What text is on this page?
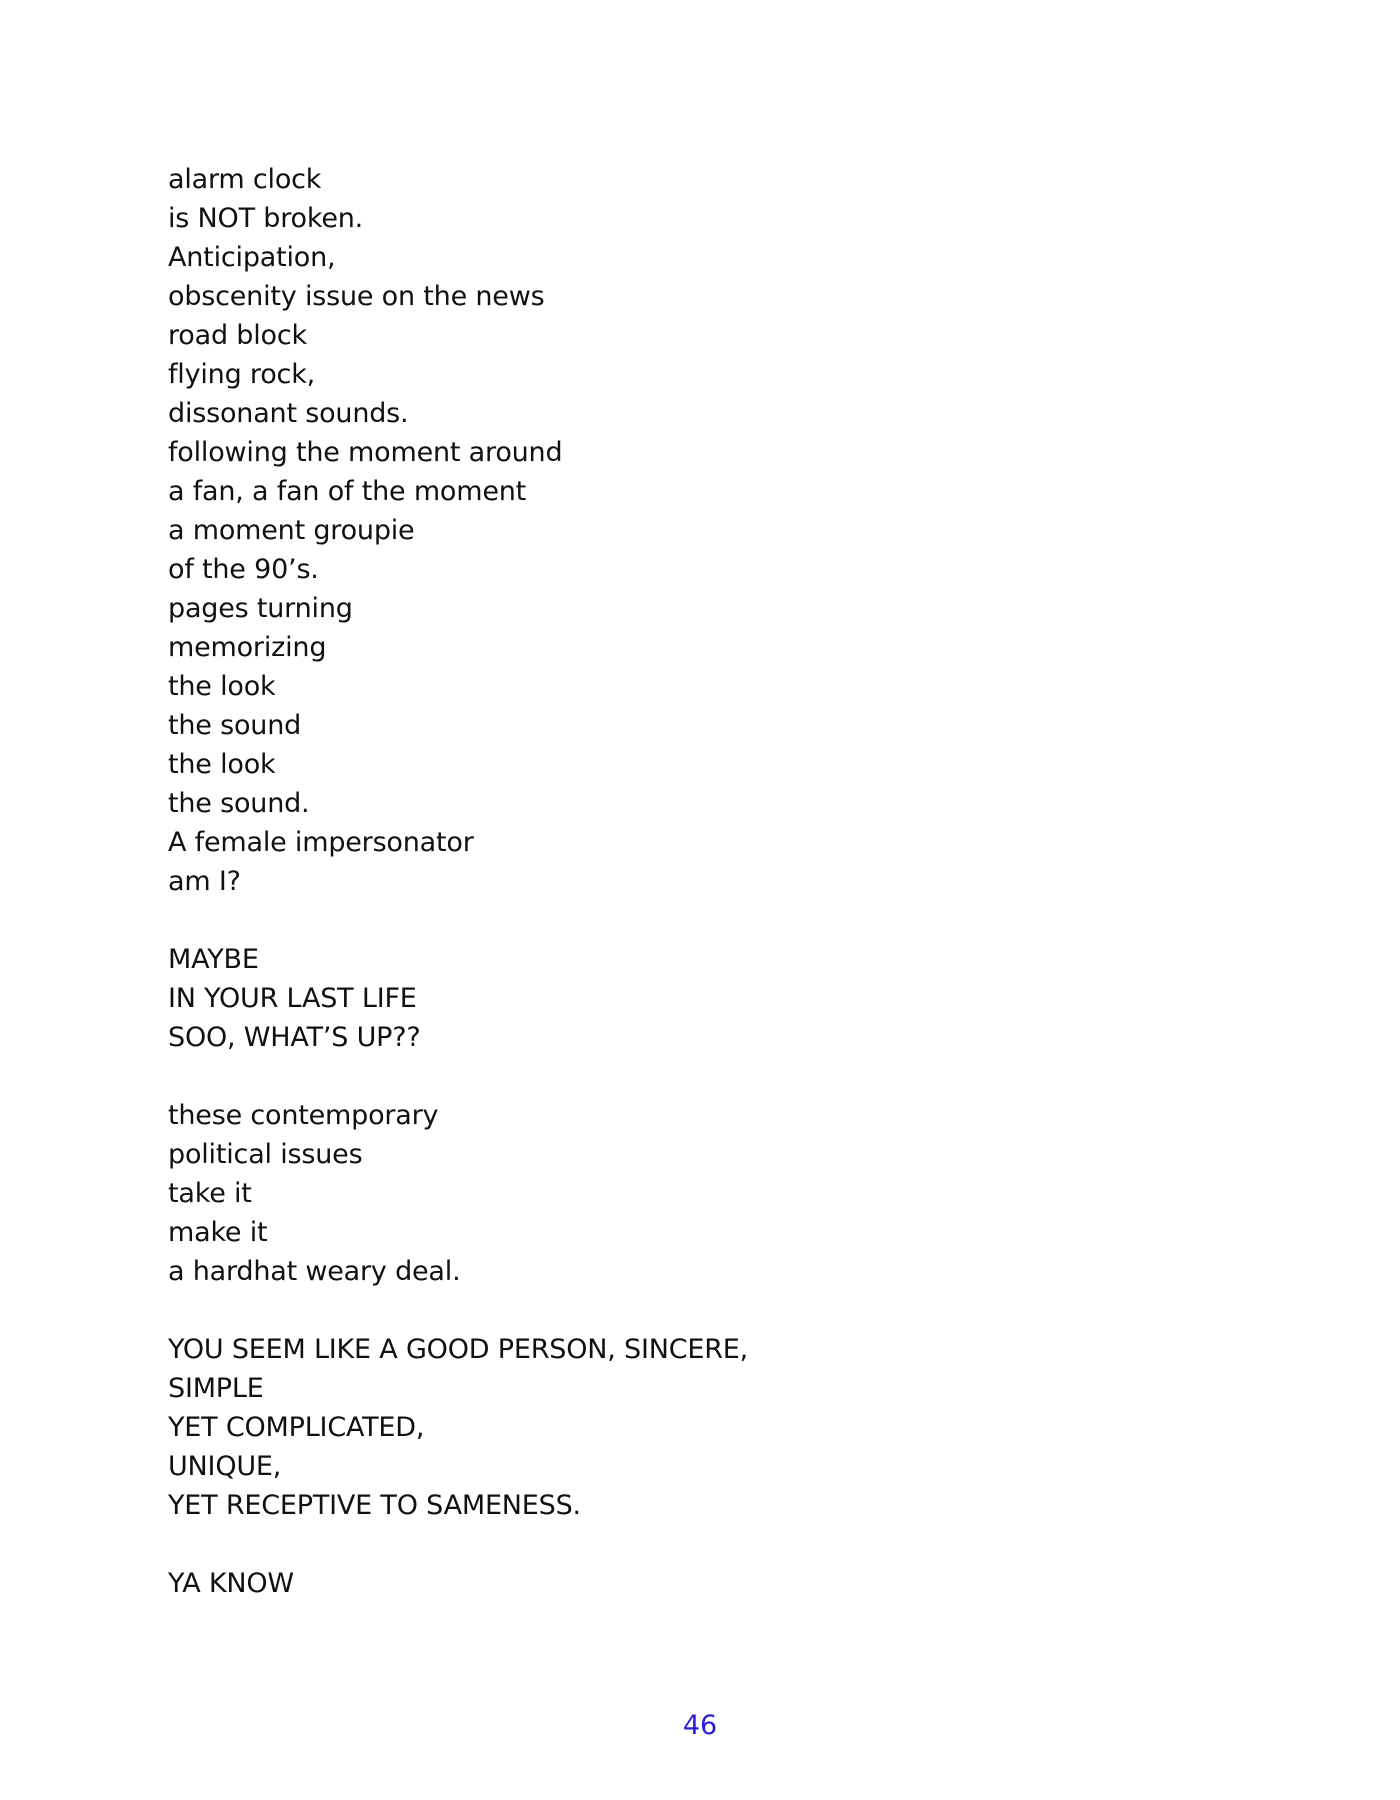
alarm clock
is NOT broken.
Anticipation,
obscenity issue on the news
road block
flying rock,
dissonant sounds.
following the moment around
a fan, a fan of the moment
a moment groupie
of the 90’s.
pages turning
memorizing
the look
the sound
the look
the sound.
A female impersonator
am I?
MAYBE
IN YOUR LAST LIFE
SOO, WHAT’S UP??
these contemporary
political issues
take it
make it
a hardhat weary deal.
YOU SEEM LIKE A GOOD PERSON, SINCERE,
SIMPLE
YET COMPLICATED,
UNIQUE,
YET RECEPTIVE TO SAMENESS.
YA KNOW
46
